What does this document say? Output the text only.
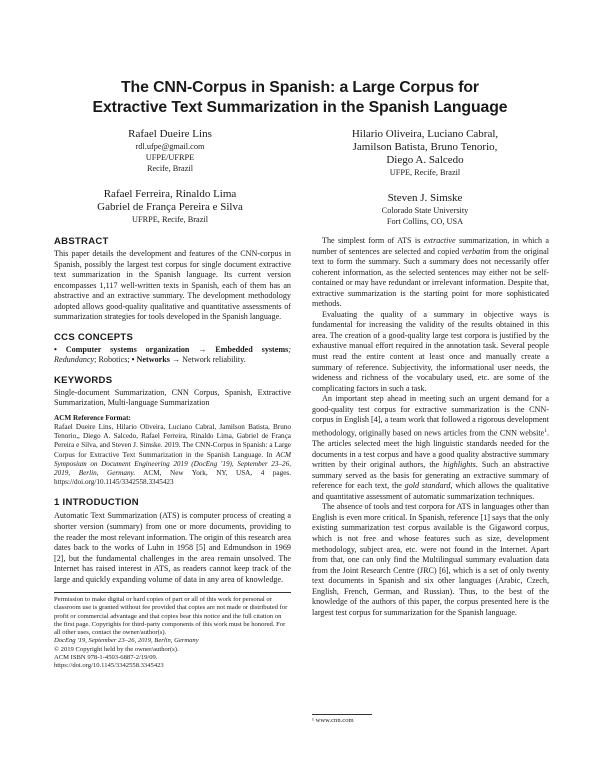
The CNN-Corpus in Spanish: a Large Corpus for
Extractive Text Summarization in the Spanish Language
Rafael Dueire Lins
rdl.ufpe@gmail.com
UFPE/UFRPE
Recife, Brazil
Rafael Ferreira, Rinaldo Lima
Gabriel de França Pereira e Silva
UFRPE, Recife, Brazil
Hilario Oliveira, Luciano Cabral,
Jamilson Batista, Bruno Tenorio,
Diego A. Salcedo
UFPE, Recife, Brazil
Steven J. Simske
Colorado State University
Fort Collins, CO, USA

ABSTRACT

This paper details the development and features of the CNN-corpus in Spanish, possibly the largest test corpus for single document extractive text summarization in the Spanish language. Its current version encompasses 1,117 well-written texts in Spanish, each of them has an abstractive and an extractive summary. The development methodology adopted allows good-quality qualitative and quantitative assessments of summarization strategies for tools developed in the Spanish language.

CCS CONCEPTS

• Computer systems organization → Embedded systems; Redundancy; Robotics; • Networks → Network reliability.

KEYWORDS

Single-document Summarization, CNN Corpus, Spanish, Extractive Summarization, Multi-language Summarization

ACM Reference Format:

Rafael Dueire Lins, Hilario Oliveira, Luciano Cabral, Jamilson Batista, Bruno Tenorio,, Diego A. Salcedo, Rafael Ferreira, Rinaldo Lima, Gabriel de França Pereira e Silva, and Steven J. Simske. 2019. The CNN-Corpus in Spanish: a Large Corpus for Extractive Text Summarization in the Spanish Language. In ACM Symposium on Document Engineering 2019 (DocEng '19), September 23–26, 2019, Berlin, Germany. ACM, New York, NY, USA, 4 pages. https://doi.org/10.1145/3342558.3345423

1 INTRODUCTION

Automatic Text Summarization (ATS) is computer process of creating a shorter version (summary) from one or more documents, providing to the reader the most relevant information. The origin of this research area dates back to the works of Luhn in 1958 [5] and Edmundson in 1969 [2], but the fundamental challenges in the area remain unsolved. The Internet has raised interest in ATS, as readers cannot keep track of the large and quickly expanding volume of data in any area of knowledge.

Permission to make digital or hard copies of part or all of this work for personal or classroom use is granted without fee provided that copies are not made or distributed for profit or commercial advantage and that copies bear this notice and the full citation on the first page. Copyrights for third-party components of this work must be honored. For all other uses, contact the owner/author(s).

DocEng '19, September 23–26, 2019, Berlin, Germany

© 2019 Copyright held by the owner/author(s).

ACM ISBN 978-1-4503-6887-2/19/09.

https://doi.org/10.1145/3342558.3345423

The simplest form of ATS is extractive summarization, in which a number of sentences are selected and copied verbatim from the original text to form the summary. Such a summary does not necessarily offer coherent information, as the selected sentences may either not be self-contained or may have redundant or irrelevant information. Despite that, extractive summarization is the starting point for more sophisticated methods.

Evaluating the quality of a summary in objective ways is fundamental for increasing the validity of the results obtained in this area. The creation of a good-quality large test corpora is justified by the exhaustive manual effort required in the annotation task. Several people must read the entire content at least once and manually create a summary of reference. Subjectivity, the informational user needs, the wideness and richness of the vocabulary used, etc. are some of the complicating factors in such a task.

An important step ahead in meeting such an urgent demand for a good-quality test corpus for extractive summarization is the CNN-corpus in English [4], a team work that followed a rigorous development methodology, originally based on news articles from the CNN website$^1$. The articles selected meet the high linguistic standards needed for the documents in a test corpus and have a good quality abstractive summary written by their original authors, the highlights. Such an abstractive summary served as the basis for generating an extractive summary of reference for each text, the gold standard, which allows the qualitative and quantitative assessment of automatic summarization techniques.

The absence of tools and test corpora for ATS in languages other than English is even more critical. In Spanish, reference [1] says that the only existing summarization test corpus available is the Gigaword corpus, which is not free and whose features such as size, development methodology, subject area, etc. were not found in the Internet. Apart from that, one can only find the Multilingual summary evaluation data from the Joint Research Centre (JRC) [6], which is a set of only twenty text documents in Spanish and six other languages (Arabic, Czech, English, French, German, and Russian). Thus, to the best of the knowledge of the authors of this paper, the corpus presented here is the largest test corpus for summarization for the Spanish language.

¹ www.cnn.com
